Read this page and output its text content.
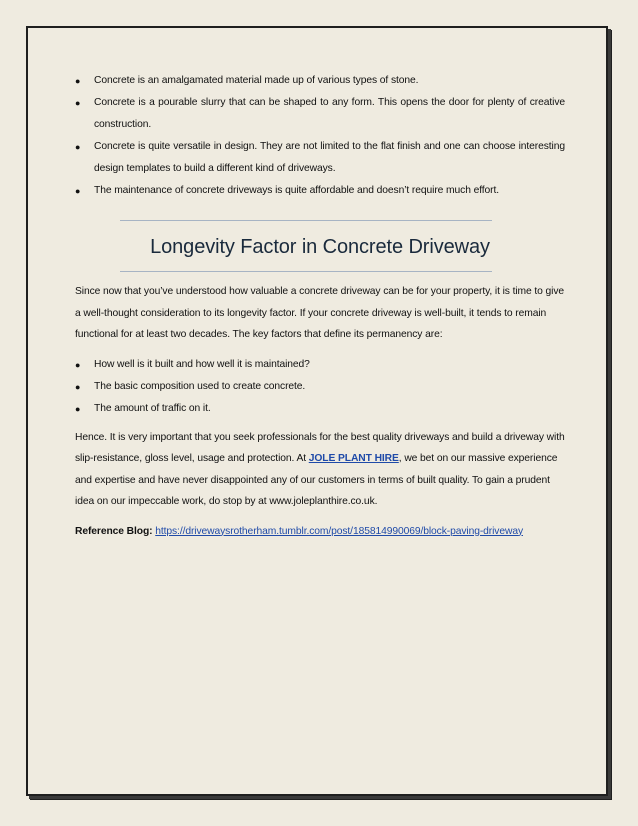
● Concrete is an amalgamated material made up of various types of stone.
● Concrete is a pourable slurry that can be shaped to any form. This opens the door for plenty of creative construction.
● Concrete is quite versatile in design. They are not limited to the flat finish and one can choose interesting design templates to build a different kind of driveways.
● The maintenance of concrete driveways is quite affordable and doesn’t require much effort.
Longevity Factor in Concrete Driveway

Since now that you’ve understood how valuable a concrete driveway can be for your property, it is time to give a well-thought consideration to its longevity factor. If your concrete driveway is well-built, it tends to remain functional for at least two decades. The key factors that define its permanency are:

● How well is it built and how well it is maintained?
● The basic composition used to create concrete.
● The amount of traffic on it.

Hence. It is very important that you seek professionals for the best quality driveways and build a driveway with slip-resistance, gloss level, usage and protection. At JOLE PLANT HIRE, we bet on our massive experience and expertise and have never disappointed any of our customers in terms of built quality. To gain a prudent idea on our impeccable work, do stop by at www.joleplanthire.co.uk.

Reference Blog: https://drivewaysrotherham.tumblr.com/post/185814990069/block-paving-driveway
